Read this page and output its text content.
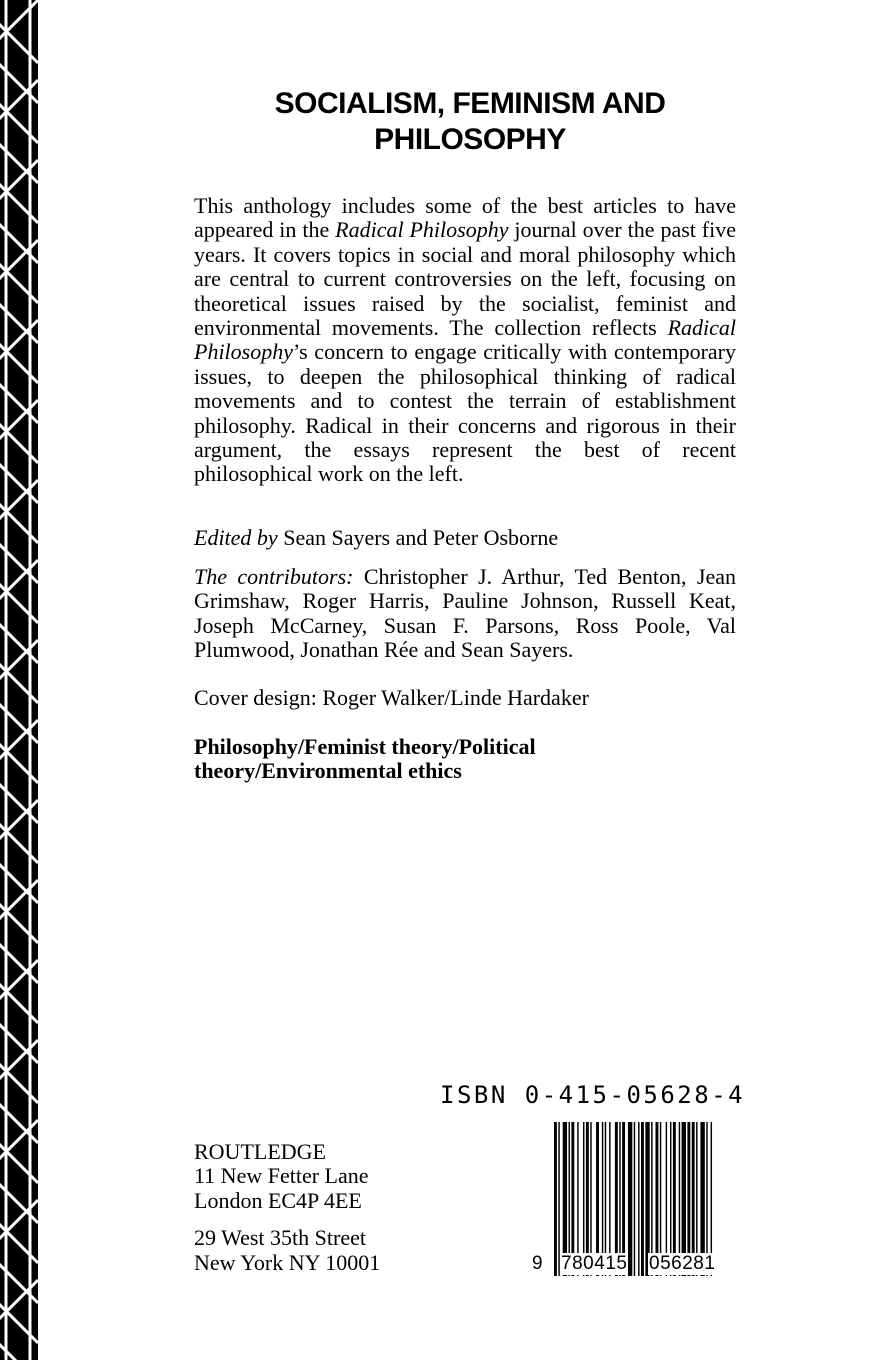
SOCIALISM, FEMINISM AND
PHILOSOPHY

This anthology includes some of the best articles to have appeared in the Radical Philosophy journal over the past five years. It covers topics in social and moral philosophy which are central to current controversies on the left, focusing on theoretical issues raised by the socialist, feminist and environmental movements. The collection reflects Radical Philosophy’s concern to engage critically with contemporary issues, to deepen the philosophical thinking of radical movements and to contest the terrain of establishment philosophy. Radical in their concerns and rigorous in their argument, the essays represent the best of recent philosophical work on the left.

Edited by Sean Sayers and Peter Osborne
The contributors: Christopher J. Arthur, Ted Benton, Jean Grimshaw, Roger Harris, Pauline Johnson, Russell Keat, Joseph McCarney, Susan F. Parsons, Ross Poole, Val Plumwood, Jonathan Rée and Sean Sayers.
Cover design: Roger Walker/Linde Hardaker
Philosophy/Feminist theory/Political theory/Environmental ethics
ISBN 0-415-05628-4
ROUTLEDGE
11 New Fetter Lane
London EC4P 4EE
29 West 35th Street
New York NY 10001	9 780415 056281
